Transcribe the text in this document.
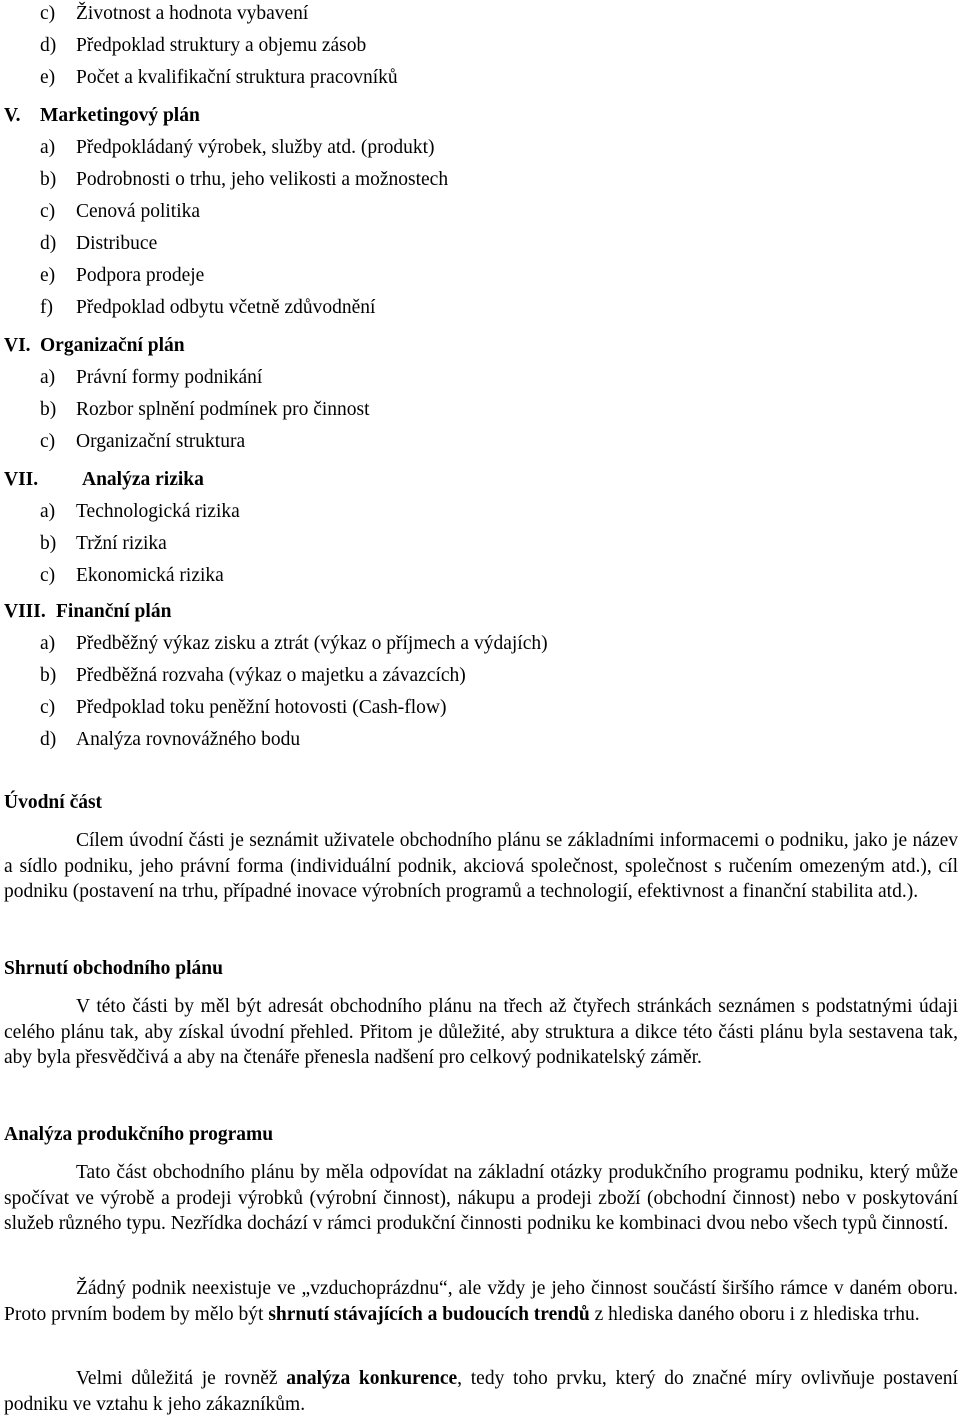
c) Životnost a hodnota vybavení
d) Předpoklad struktury a objemu zásob
e) Počet a kvalifikační struktura pracovníků
V. Marketingový plán
a) Předpokládaný výrobek, služby atd. (produkt)
b) Podrobnosti o trhu, jeho velikosti a možnostech
c) Cenová politika
d) Distribuce
e) Podpora prodeje
f) Předpoklad odbytu včetně zdůvodnění
VI. Organizační plán
a) Právní formy podnikání
b) Rozbor splnění podmínek pro činnost
c) Organizační struktura
VII. Analýza rizika
a) Technologická rizika
b) Tržní rizika
c) Ekonomická rizika
VIII. Finanční plán
a) Předběžný výkaz zisku a ztrát (výkaz o příjmech a výdajích)
b) Předběžná rozvaha (výkaz o majetku a závazcích)
c) Předpoklad toku peněžní hotovosti (Cash-flow)
d) Analýza rovnovážného bodu
Úvodní část

Cílem úvodní části je seznámit uživatele obchodního plánu se základními informacemi o podniku, jako je název a sídlo podniku, jeho právní forma (individuální podnik, akciová společnost, společnost s ručením omezeným atd.), cíl podniku (postavení na trhu, případné inovace výrobních programů a technologií, efektivnost a finanční stabilita atd.).

Shrnutí obchodního plánu

V této části by měl být adresát obchodního plánu na třech až čtyřech stránkách seznámen s podstatnými údaji celého plánu tak, aby získal úvodní přehled. Přitom je důležité, aby struktura a dikce této části plánu byla sestavena tak, aby byla přesvědčivá a aby na čtenáře přenesla nadšení pro celkový podnikatelský záměr.

Analýza produkčního programu

Tato část obchodního plánu by měla odpovídat na základní otázky produkčního programu podniku, který může spočívat ve výrobě a prodeji výrobků (výrobní činnost), nákupu a prodeji zboží (obchodní činnost) nebo v poskytování služeb různého typu. Nezřídka dochází v rámci produkční činnosti podniku ke kombinaci dvou nebo všech typů činností.

Žádný podnik neexistuje ve „vzduchoprázdnu“, ale vždy je jeho činnost součástí širšího rámce v daném oboru. Proto prvním bodem by mělo být shrnutí stávajících a budoucích trendů z hlediska daného oboru i z hlediska trhu.

Velmi důležitá je rovněž analýza konkurence, tedy toho prvku, který do značné míry ovlivňuje postavení podniku ve vztahu k jeho zákazníkům.
